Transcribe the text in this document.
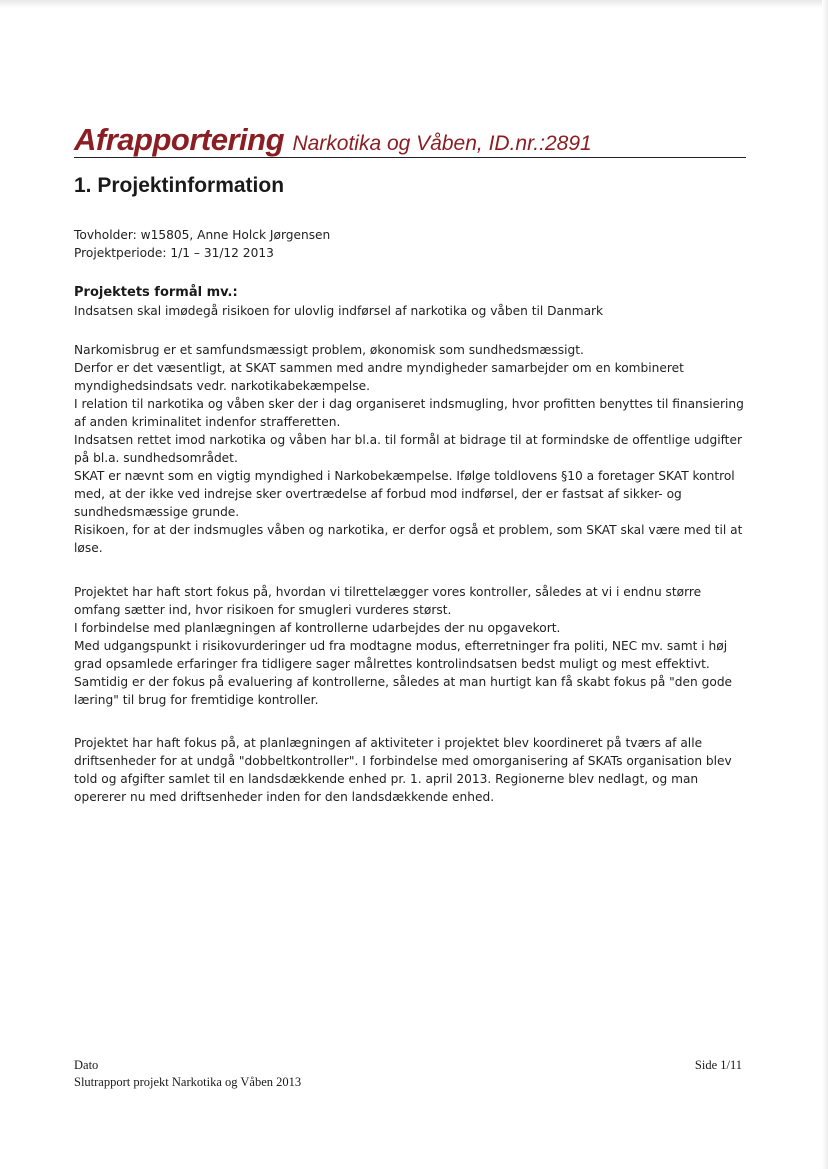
Afrapportering Narkotika og Våben, ID.nr.:2891
1. Projektinformation

Tovholder: w15805, Anne Holck Jørgensen

Projektperiode: 1/1 – 31/12 2013

Projektets formål mv.:

Indsatsen skal imødegå risikoen for ulovlig indførsel af narkotika og våben til Danmark

Narkomisbrug er et samfundsmæssigt problem, økonomisk som sundhedsmæssigt.

Derfor er det væsentligt, at SKAT sammen med andre myndigheder samarbejder om en kombineret myndighedsindsats vedr. narkotikabekæmpelse.

I relation til narkotika og våben sker der i dag organiseret indsmugling, hvor profitten benyttes til finansiering af anden kriminalitet indenfor strafferetten.

Indsatsen rettet imod narkotika og våben har bl.a. til formål at bidrage til at formindske de offentlige udgifter på bl.a. sundhedsområdet.

SKAT er nævnt som en vigtig myndighed i Narkobekæmpelse. Ifølge toldlovens §10 a foretager SKAT kontrol med, at der ikke ved indrejse sker overtrædelse af forbud mod indførsel, der er fastsat af sikker- og sundhedsmæssige grunde.

Risikoen, for at der indsmugles våben og narkotika, er derfor også et problem, som SKAT skal være med til at løse.

Projektet har haft stort fokus på, hvordan vi tilrettelægger vores kontroller, således at vi i endnu større omfang sætter ind, hvor risikoen for smugleri vurderes størst.

I forbindelse med planlægningen af kontrollerne udarbejdes der nu opgavekort.

Med udgangspunkt i risikovurderinger ud fra modtagne modus, efterretninger fra politi, NEC mv. samt i høj grad opsamlede erfaringer fra tidligere sager målrettes kontrolindsatsen bedst muligt og mest effektivt.

Samtidig er der fokus på evaluering af kontrollerne, således at man hurtigt kan få skabt fokus på "den gode læring" til brug for fremtidige kontroller.

Projektet har haft fokus på, at planlægningen af aktiviteter i projektet blev koordineret på tværs af alle driftsenheder for at undgå "dobbeltkontroller". I forbindelse med omorganisering af SKATs organisation blev told og afgifter samlet til en landsdækkende enhed pr. 1. april 2013. Regionerne blev nedlagt, og man opererer nu med driftsenheder inden for den landsdækkende enhed.

Dato

Slutrapport projekt Narkotika og Våben 2013

Side 1/11
